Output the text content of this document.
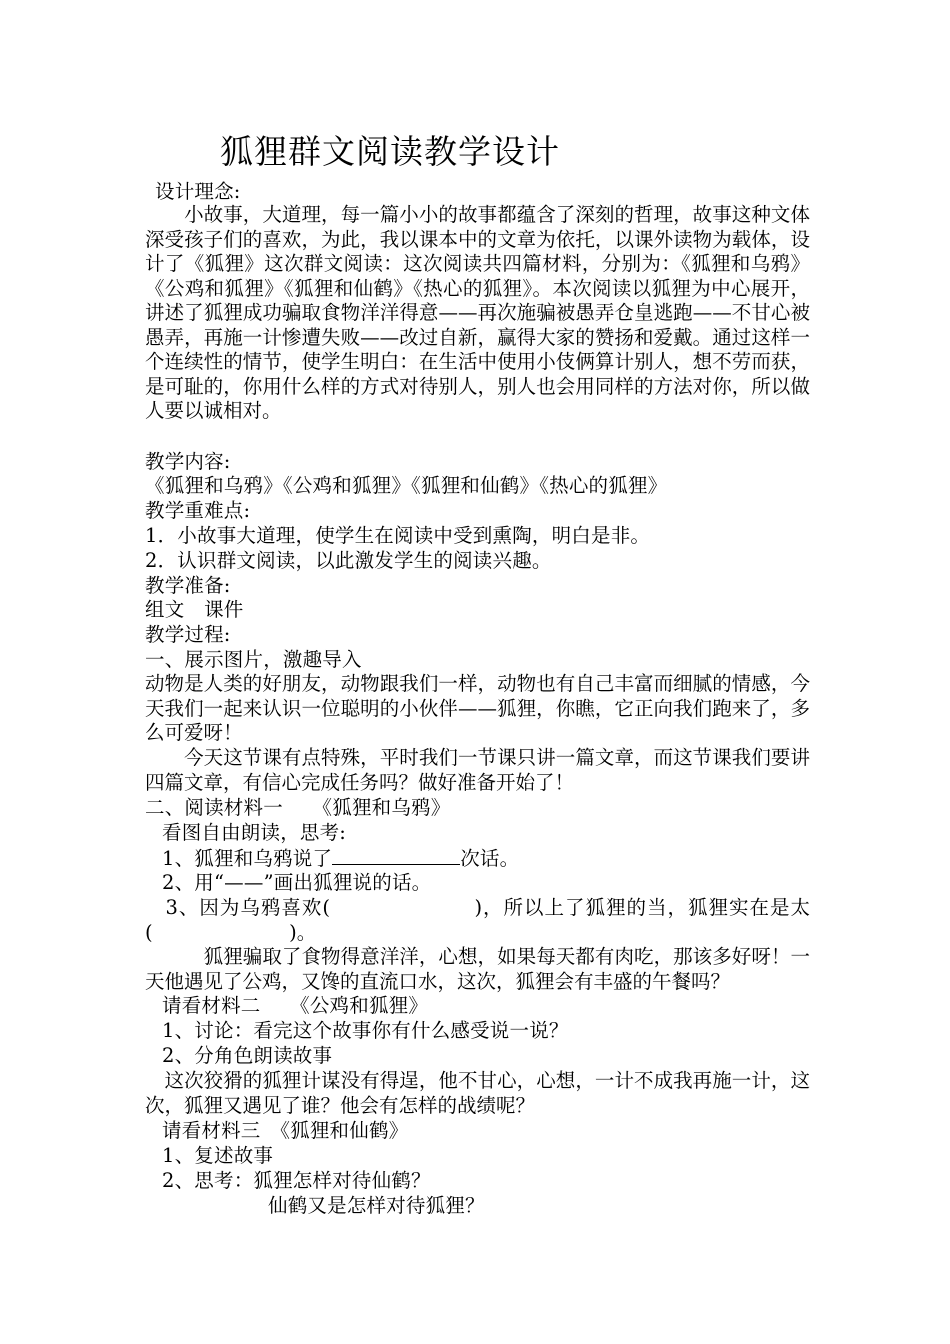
狐狸群文阅读教学设计
设计理念:
　　小故事，大道理，每一篇小小的故事都蕴含了深刻的哲理，故事这种文体深受孩子们的喜欢，为此，我以课本中的文章为依托，以课外读物为载体，设计了《狐狸》这次群文阅读：这次阅读共四篇材料，分别为：《狐狸和乌鸦》《公鸡和狐狸》《狐狸和仙鹤》《热心的狐狸》。本次阅读以狐狸为中心展开，讲述了狐狸成功骗取食物洋洋得意——再次施骗被愚弄仓皇逃跑——不甘心被愚弄，再施一计惨遭失败——改过自新，赢得大家的赞扬和爱戴。通过这样一个连续性的情节，使学生明白：在生活中使用小伎俩算计别人，想不劳而获，是可耻的，你用什么样的方式对待别人，别人也会用同样的方法对你，所以做人要以诚相对。
教学内容:
《狐狸和乌鸦》《公鸡和狐狸》《狐狸和仙鹤》《热心的狐狸》
教学重难点:
1．小故事大道理，使学生在阅读中受到熏陶，明白是非。
2．认识群文阅读，以此激发学生的阅读兴趣。
教学准备:
组文　课件
教学过程:
一、展示图片，激趣导入
动物是人类的好朋友，动物跟我们一样，动物也有自己丰富而细腻的情感，今天我们一起来认识一位聪明的小伙伴——狐狸，你瞧，它正向我们跑来了，多么可爱呀！
　　今天这节课有点特殊，平时我们一节课只讲一篇文章，而这节课我们要讲四篇文章，有信心完成任务吗？做好准备开始了！
二、阅读材料一　　《狐狸和乌鸦》
看图自由朗读，思考:
1、狐狸和乌鸦说了	次话。
2、用“——”画出狐狸说的话。
　3、因为乌鸦喜欢(　　　　　　　)，所以上了狐狸的当，狐狸实在是太(　　　　　　　)。
　　　狐狸骗取了食物得意洋洋，心想，如果每天都有肉吃，那该多好呀！一天他遇见了公鸡，又馋的直流口水，这次，狐狸会有丰盛的午餐吗？
请看材料二　　《公鸡和狐狸》
1、讨论：看完这个故事你有什么感受说一说？
2、分角色朗读故事
　这次狡猾的狐狸计谋没有得逞，他不甘心，心想，一计不成我再施一计，这次，狐狸又遇见了谁？他会有怎样的战绩呢？
请看材料三　《狐狸和仙鹤》
1、复述故事
2、思考：狐狸怎样对待仙鹤？
仙鹤又是怎样对待狐狸？
